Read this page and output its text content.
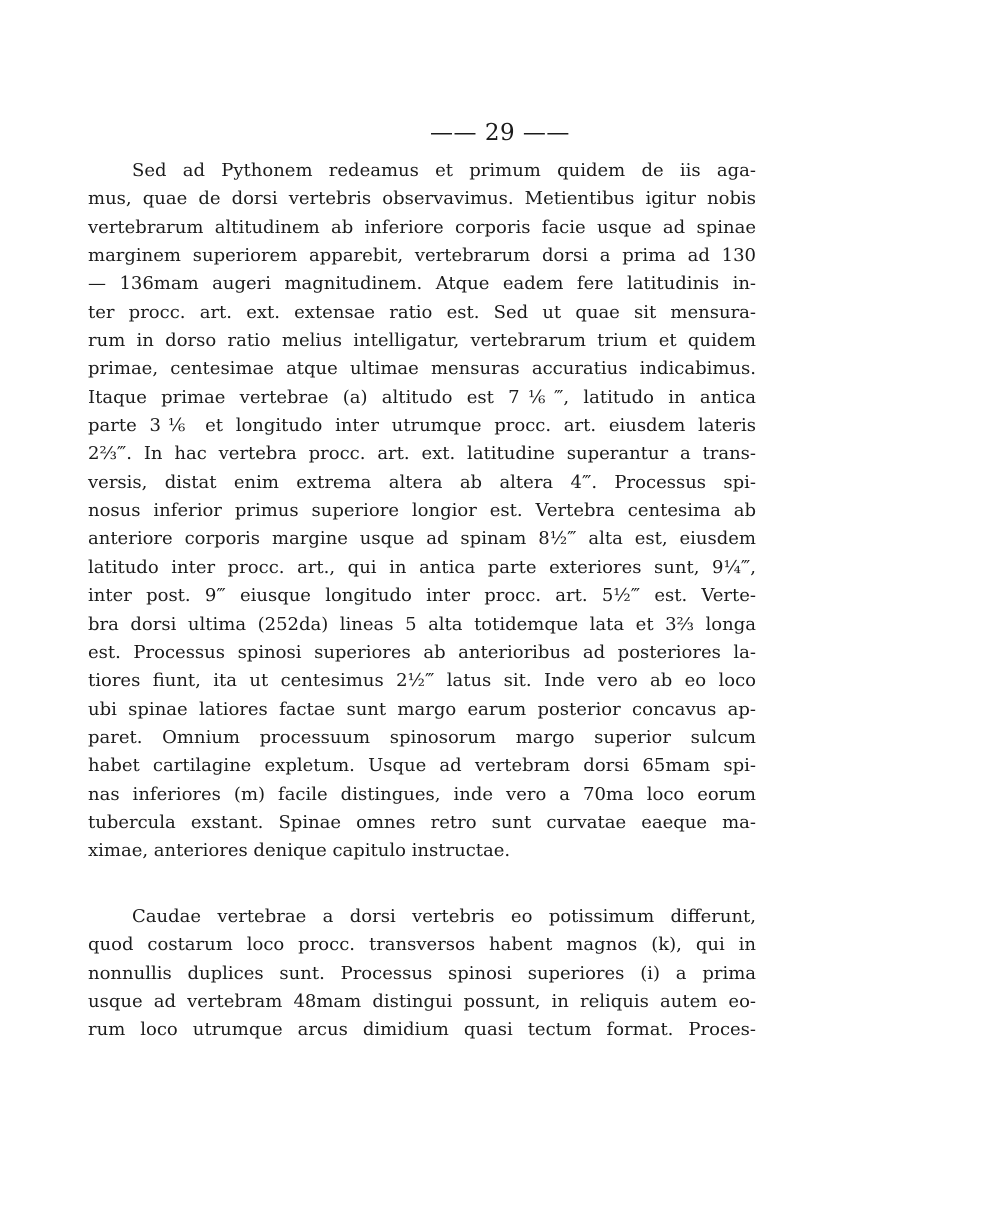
—— 29 ——
Sed ad Pythonem redeamus et primum quidem de iis aga-
mus, quae de dorsi vertebris observavimus. Metientibus igitur nobis
vertebrarum altitudinem ab inferiore corporis facie usque ad spinae
marginem superiorem apparebit, vertebrarum dorsi a prima ad 130
— 136mam augeri magnitudinem. Atque eadem fere latitudinis in-
ter procc. art. ext. extensae ratio est. Sed ut quae sit mensura-
rum in dorso ratio melius intelligatur, vertebrarum trium et quidem
primae, centesimae atque ultimae mensuras accuratius indicabimus.
Itaque primae vertebrae (a) altitudo est 7⅙‴, latitudo in antica
parte 3⅙ et longitudo inter utrumque procc. art. eiusdem lateris
2⅔‴. In hac vertebra procc. art. ext. latitudine superantur a trans-
versis, distat enim extrema altera ab altera 4‴. Processus spi-
nosus inferior primus superiore longior est. Vertebra centesima ab
anteriore corporis margine usque ad spinam 8½‴ alta est, eiusdem
latitudo inter procc. art., qui in antica parte exteriores sunt, 9¼‴,
inter post. 9‴ eiusque longitudo inter procc. art. 5½‴ est. Verte-
bra dorsi ultima (252da) lineas 5 alta totidemque lata et 3⅔ longa
est. Processus spinosi superiores ab anterioribus ad posteriores la-
tiores fiunt, ita ut centesimus 2½‴ latus sit. Inde vero ab eo loco
ubi spinae latiores factae sunt margo earum posterior concavus ap-
paret. Omnium processuum spinosorum margo superior sulcum
habet cartilagine expletum. Usque ad vertebram dorsi 65mam spi-
nas inferiores (m) facile distingues, inde vero a 70ma loco eorum
tubercula exstant. Spinae omnes retro sunt curvatae eaeque ma-
ximae, anteriores denique capitulo instructae.
Caudae vertebrae a dorsi vertebris eo potissimum differunt,
quod costarum loco procc. transversos habent magnos (k), qui in
nonnullis duplices sunt. Processus spinosi superiores (i) a prima
usque ad vertebram 48mam distingui possunt, in reliquis autem eo-
rum loco utrumque arcus dimidium quasi tectum format. Proces-
